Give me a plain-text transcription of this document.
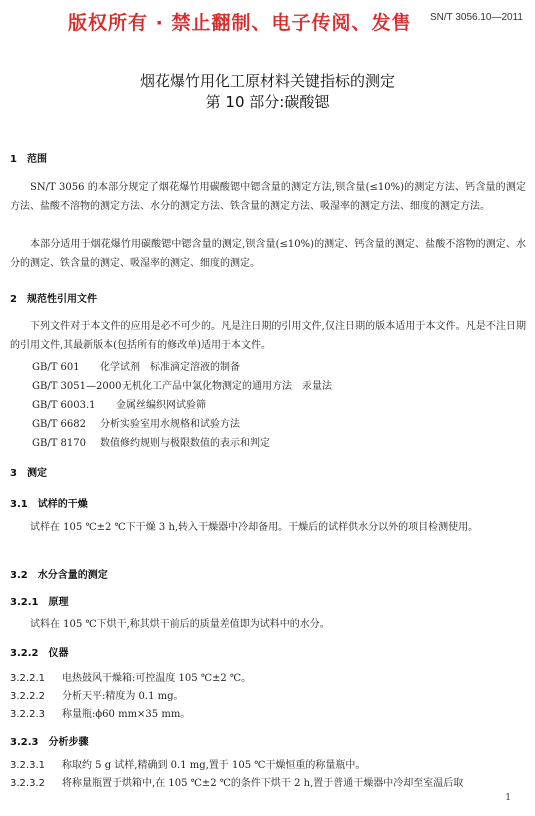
版权所有 · 禁止翻制、电子传阅、发售 SN/T 3056.10—2011
烟花爆竹用化工原材料关键指标的测定
第 10 部分:碳酸锶
1 范围
SN/T 3056 的本部分规定了烟花爆竹用碳酸锶中锶含量的测定方法,钡含量(≤10%)的测定方法、钙含量的测定方法、盐酸不溶物的测定方法、水分的测定方法、铁含量的测定方法、吸湿率的测定方法、细度的测定方法。
本部分适用于烟花爆竹用碳酸锶中锶含量的测定,钡含量(≤10%)的测定、钙含量的测定、盐酸不溶物的测定、水分的测定、铁含量的测定、吸湿率的测定、细度的测定。
2 规范性引用文件
下列文件对于本文件的应用是必不可少的。凡是注日期的引用文件,仅注日期的版本适用于本文件。凡是不注日期的引用文件,其最新版本(包括所有的修改单)适用于本文件。
GB/T 601 化学试剂　标准滴定溶液的制备
GB/T 3051—2000无机化工产品中氯化物测定的通用方法　汞量法
GB/T 6003.1 金属丝编织网试验筛
GB/T 6682 分析实验室用水规格和试验方法
GB/T 8170 数值修约规则与极限数值的表示和判定
3 测定
3.1 试样的干燥
试样在 105 ℃±2 ℃下干燥 3 h,转入干燥器中冷却备用。干燥后的试样供水分以外的项目检测使用。
3.2 水分含量的测定
3.2.1 原理
试料在 105 ℃下烘干,称其烘干前后的质量差值即为试料中的水分。
3.2.2 仪器
3.2.2.1 电热鼓风干燥箱:可控温度 105 ℃±2 ℃。
3.2.2.2 分析天平:精度为 0.1 mg。
3.2.2.3 称量瓶:ϕ60 mm×35 mm。
3.2.3 分析步骤
3.2.3.1 称取约 5 g 试样,精确到 0.1 mg,置于 105 ℃干燥恒重的称量瓶中。
3.2.3.2 将称量瓶置于烘箱中,在 105 ℃±2 ℃的条件下烘干 2 h,置于普通干燥器中冷却至室温后取
1
